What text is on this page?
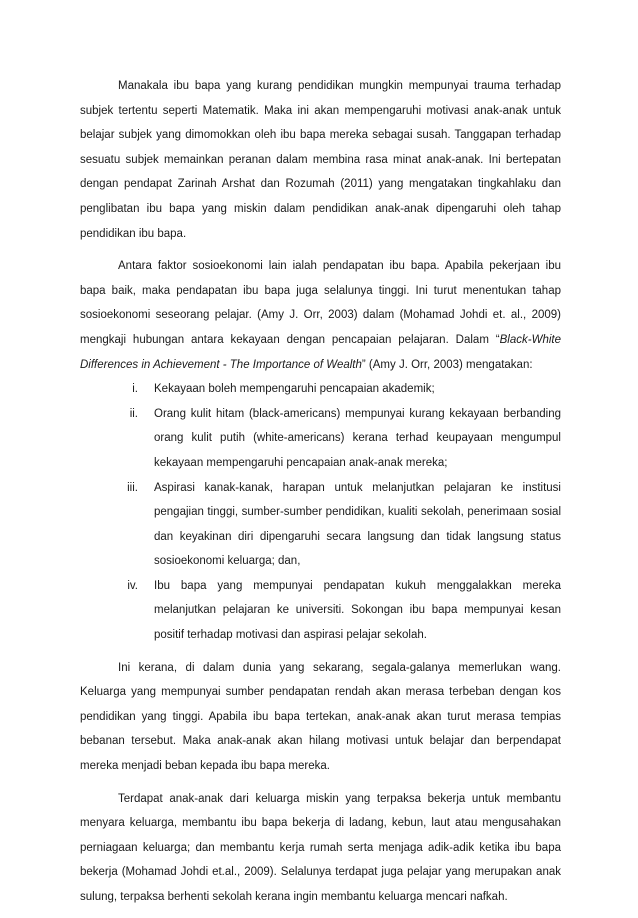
Manakala ibu bapa yang kurang pendidikan mungkin mempunyai trauma terhadap subjek tertentu seperti Matematik. Maka ini akan mempengaruhi motivasi anak-anak untuk belajar subjek yang dimomokkan oleh ibu bapa mereka sebagai susah. Tanggapan terhadap sesuatu subjek memainkan peranan dalam membina rasa minat anak-anak. Ini bertepatan dengan pendapat Zarinah Arshat dan Rozumah (2011) yang mengatakan tingkahlaku dan penglibatan ibu bapa yang miskin dalam pendidikan anak-anak dipengaruhi oleh tahap pendidikan ibu bapa.

Antara faktor sosioekonomi lain ialah pendapatan ibu bapa. Apabila pekerjaan ibu bapa baik, maka pendapatan ibu bapa juga selalunya tinggi. Ini turut menentukan tahap sosioekonomi seseorang pelajar. (Amy J. Orr, 2003) dalam (Mohamad Johdi et. al., 2009) mengkaji hubungan antara kekayaan dengan pencapaian pelajaran. Dalam “Black-White Differences in Achievement - The Importance of Wealth” (Amy J. Orr, 2003) mengatakan:

i.	Kekayaan boleh mempengaruhi pencapaian akademik;
ii.	Orang kulit hitam (black-americans) mempunyai kurang kekayaan berbanding orang kulit putih (white-americans) kerana terhad keupayaan mengumpul kekayaan mempengaruhi pencapaian anak-anak mereka;
iii.	Aspirasi kanak-kanak, harapan untuk melanjutkan pelajaran ke institusi pengajian tinggi, sumber-sumber pendidikan, kualiti sekolah, penerimaan sosial dan keyakinan diri dipengaruhi secara langsung dan tidak langsung status sosioekonomi keluarga; dan,
iv.	Ibu bapa yang mempunyai pendapatan kukuh menggalakkan mereka melanjutkan pelajaran ke universiti. Sokongan ibu bapa mempunyai kesan positif terhadap motivasi dan aspirasi pelajar sekolah.

Ini kerana, di dalam dunia yang sekarang, segala-galanya memerlukan wang. Keluarga yang mempunyai sumber pendapatan rendah akan merasa terbeban dengan kos pendidikan yang tinggi. Apabila ibu bapa tertekan, anak-anak akan turut merasa tempias bebanan tersebut. Maka anak-anak akan hilang motivasi untuk belajar dan berpendapat mereka menjadi beban kepada ibu bapa mereka.

Terdapat anak-anak dari keluarga miskin yang terpaksa bekerja untuk membantu menyara keluarga, membantu ibu bapa bekerja di ladang, kebun, laut atau mengusahakan perniagaan keluarga; dan membantu kerja rumah serta menjaga adik-adik ketika ibu bapa bekerja (Mohamad Johdi et.al., 2009). Selalunya terdapat juga pelajar yang merupakan anak sulung, terpaksa berhenti sekolah kerana ingin membantu keluarga mencari nafkah.
